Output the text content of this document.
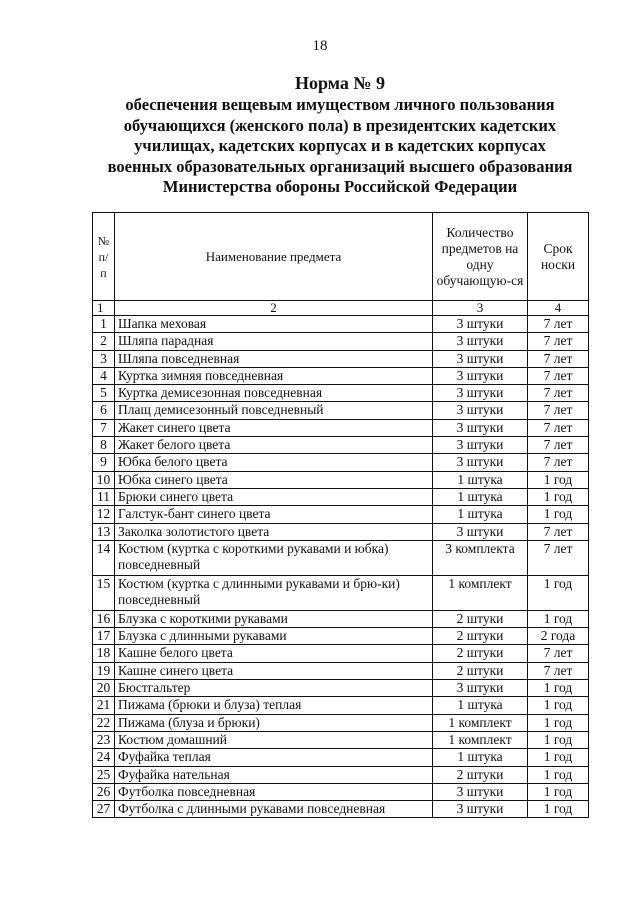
18
Норма № 9
обеспечения вещевым имуществом личного пользования
обучающихся (женского пола) в президентских кадетских
училищах, кадетских корпусах и в кадетских корпусах
военных образовательных организаций высшего образования
Министерства обороны Российской Федерации
№ п/п	Наименование предмета	Количество предметов на одну обучающую-ся	Срок носки
1	2	3	4
1	Шапка меховая	3 штуки	7 лет
2	Шляпа парадная	3 штуки	7 лет
3	Шляпа повседневная	3 штуки	7 лет
4	Куртка зимняя повседневная	3 штуки	7 лет
5	Куртка демисезонная повседневная	3 штуки	7 лет
6	Плащ демисезонный повседневный	3 штуки	7 лет
7	Жакет синего цвета	3 штуки	7 лет
8	Жакет белого цвета	3 штуки	7 лет
9	Юбка белого цвета	3 штуки	7 лет
10	Юбка синего цвета	1 штука	1 год
11	Брюки синего цвета	1 штука	1 год
12	Галстук-бант синего цвета	1 штука	1 год
13	Заколка золотистого цвета	3 штуки	7 лет
14	Костюм (куртка с короткими рукавами и юбка) повседневный	3 комплекта	7 лет
15	Костюм (куртка с длинными рукавами и брю-ки) повседневный	1 комплект	1 год
16	Блузка с короткими рукавами	2 штуки	1 год
17	Блузка с длинными рукавами	2 штуки	2 года
18	Кашне белого цвета	2 штуки	7 лет
19	Кашне синего цвета	2 штуки	7 лет
20	Бюстгальтер	3 штуки	1 год
21	Пижама (брюки и блуза) теплая	1 штука	1 год
22	Пижама (блуза и брюки)	1 комплект	1 год
23	Костюм домашний	1 комплект	1 год
24	Фуфайка теплая	1 штука	1 год
25	Фуфайка нательная	2 штуки	1 год
26	Футболка повседневная	3 штуки	1 год
27	Футболка с длинными рукавами повседневная	3 штуки	1 год
